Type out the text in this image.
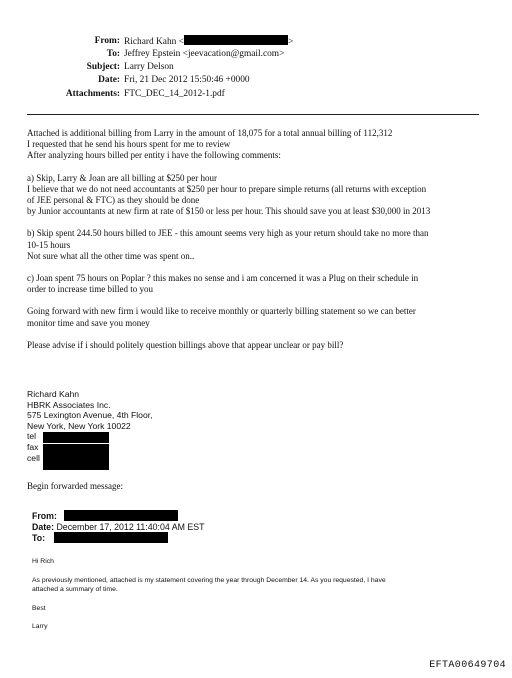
From: Richard Kahn <	>
To: Jeffrey Epstein <jeevacation@gmail.com>
Subject: Larry Delson
Date: Fri, 21 Dec 2012 15:50:46 +0000
Attachments: FTC_DEC_14_2012-1.pdf

Attached is additional billing from Larry in the amount of 18,075 for a total annual billing of 112,312

I requested that he send his hours spent for me to review

After analyzing hours billed per entity i have the following comments:

a) Skip, Larry & Joan are all billing at $250 per hour

I believe that we do not need accountants at $250 per hour to prepare simple returns (all returns with exception

of JEE personal & FTC) as they should be done

by Junior accountants at new firm at rate of $150 or less per hour. This should save you at least $30,000 in 2013

b) Skip spent 244.50 hours billed to JEE - this amount seems very high as your return should take no more than

10-15 hours

Not sure what all the other time was spent on..

c) Joan spent 75 hours on Poplar ? this makes no sense and i am concerned it was a Plug on their schedule in

order to increase time billed to you

Going forward with new firm i would like to receive monthly or quarterly billing statement so we can better

monitor time and save you money

Please advise if i should politely question billings above that appear unclear or pay bill?

Richard Kahn
HBRK Associates Inc.
575 Lexington Avenue, 4th Floor,
New York, New York 10022
tel
fax
cell
Begin forwarded message:
From:
Date: December 17, 2012 11:40:04 AM EST
To:
Hi Rich
As previously mentioned, attached is my statement covering the year through December 14. As you requested, I have
attached a summary of time.
Best
Larry
EFTA00649704
